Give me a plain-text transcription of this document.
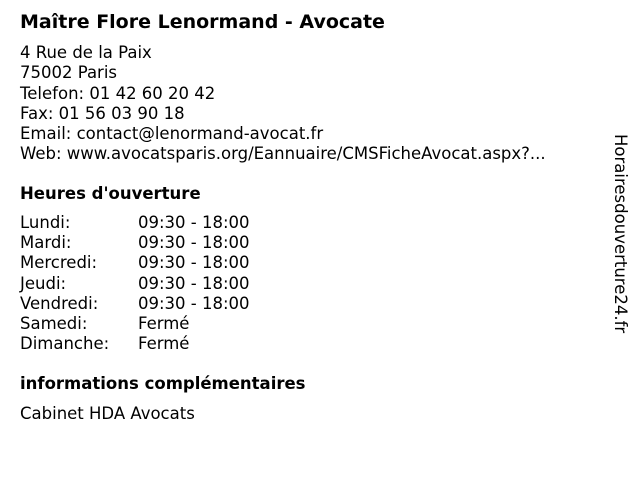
Maître Flore Lenormand - Avocate
4 Rue de la Paix
75002 Paris
Telefon: 01 42 60 20 42
Fax: 01 56 03 90 18
Email: contact@lenormand-avocat.fr
Web: www.avocatsparis.org/Eannuaire/CMSFicheAvocat.aspx?...
Heures d'ouverture
Lundi:	09:30 - 18:00
Mardi:	09:30 - 18:00
Mercredi: 09:30 - 18:00
Jeudi:	09:30 - 18:00
Vendredi: 09:30 - 18:00
Samedi:	Fermé
Dimanche: Fermé
informations complémentaires
Cabinet HDA Avocats
Horairesdouverture24.fr
